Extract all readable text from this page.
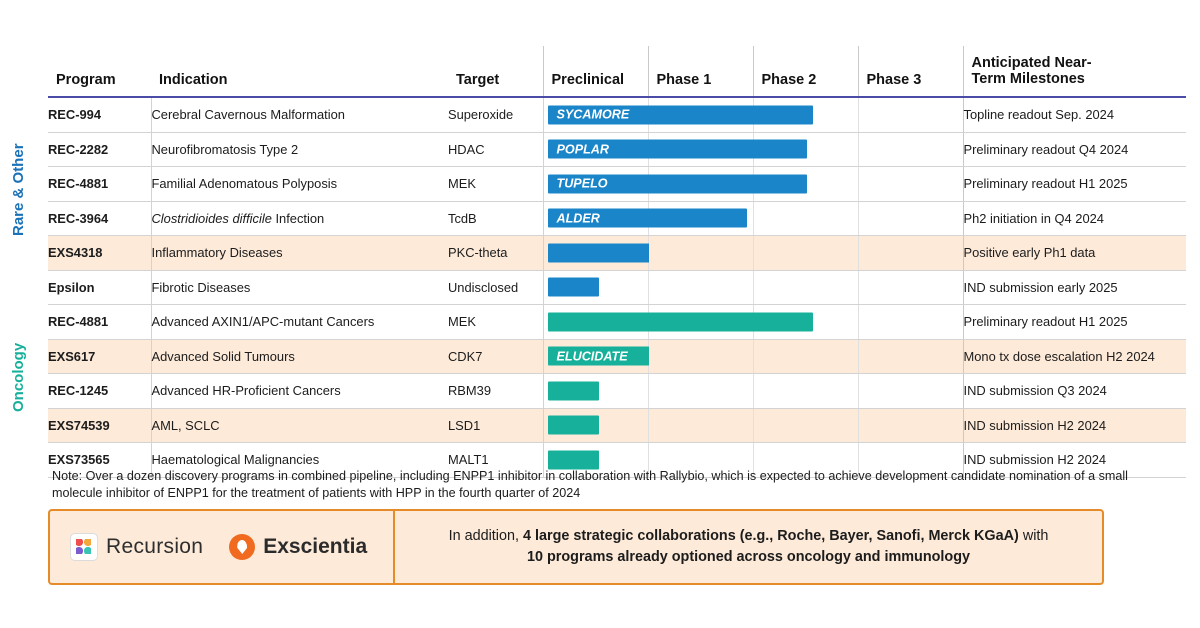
Rare & Other
Oncology
Program	Indication	Target	Preclinical	Phase 1	Phase 2	Phase 3	Anticipated Near-
Term Milestones
REC-994	Cerebral Cavernous Malformation	Superoxide	SYCAMORE				Topline readout Sep. 2024
REC-2282	Neurofibromatosis Type 2	HDAC	POPLAR				Preliminary readout Q4 2024
REC-4881	Familial Adenomatous Polyposis	MEK	TUPELO				Preliminary readout H1 2025
REC-3964	Clostridioides difficile Infection	TcdB	ALDER				Ph2 initiation in Q4 2024
EXS4318	Inflammatory Diseases	PKC-theta					Positive early Ph1 data
Epsilon	Fibrotic Diseases	Undisclosed					IND submission early 2025
REC-4881	Advanced AXIN1/APC-mutant Cancers	MEK					Preliminary readout H1 2025
EXS617	Advanced Solid Tumours	CDK7	ELUCIDATE				Mono tx dose escalation H2 2024
REC-1245	Advanced HR-Proficient Cancers	RBM39					IND submission Q3 2024
EXS74539	AML, SCLC	LSD1					IND submission H2 2024
EXS73565	Haematological Malignancies	MALT1					IND submission H2 2024
Note: Over a dozen discovery programs in combined pipeline, including ENPP1 inhibitor in collaboration with Rallybio, which is expected to achieve development candidate nomination of a small molecule inhibitor of ENPP1 for the treatment of patients with HPP in the fourth quarter of 2024
Recursion	Exscientia	In addition, 4 large strategic collaborations (e.g., Roche, Bayer, Sanofi, Merck KGaA) with
10 programs already optioned across oncology and immunology
